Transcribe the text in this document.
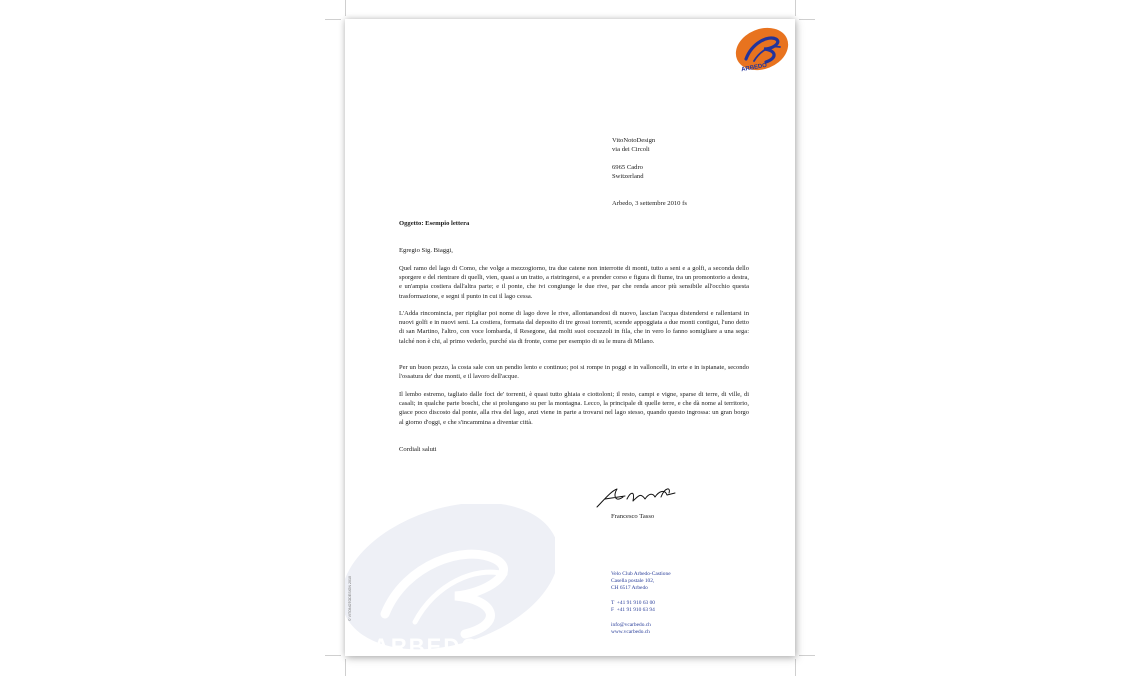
ARBEDO
ARBEDO
VitoNotoDesign
via dei Circoli
6965 Cadro
Switzerland
Arbedo, 3 settembre 2010 fs
Oggetto: Esempio lettera
Egregio Sig. Biaggi,
Quel ramo del lago di Como, che volge a mezzogiorno, tra due catene non interrotte di monti, tutto a seni e a golfi, a seconda dello sporgere e del rientrare di quelli, vien, quasi a un tratto, a ristringersi, e a prender corso e figura di fiume, tra un promontorio a destra, e un'ampia costiera dall'altra parte; e il ponte, che ivi congiunge le due rive, par che renda ancor più sensibile all'occhio questa trasformazione, e segni il punto in cui il lago cessa.
L'Adda rincomincia, per ripigliar poi nome di lago dove le rive, allontanandosi di nuovo, lascian l'acqua distendersi e rallentarsi in nuovi golfi e in nuovi seni. La costiera, formata dal deposito di tre grossi torrenti, scende appoggiata a due monti contigui, l'uno detto di san Martino, l'altro, con voce lombarda, il Resegone, dai molti suoi cocuzzoli in fila, che in vero lo fanno somigliare a una sega: talché non è chi, al primo vederlo, purché sia di fronte, come per esempio di su le mura di Milano.
Per un buon pezzo, la costa sale con un pendio lento e continuo; poi si rompe in poggi e in valloncelli, in erte e in ispianate, secondo l'ossatura de' due monti, e il lavoro dell'acque.
Il lembo estremo, tagliato dalle foci de' torrenti, è quasi tutto ghiaia e ciottoloni; il resto, campi e vigne, sparse di terre, di ville, di casali; in qualche parte boschi, che si prolungano su per la montagna. Lecco, la principale di quelle terre, e che dà nome al territorio, giace poco discosto dal ponte, alla riva del lago, anzi viene in parte a trovarsi nel lago stesso, quando questo ingrossa: un gran borgo al giorno d'oggi, e che s'incammina a diventar città.
Cordiali saluti
Francesco Tasso
Velo Club Arbedo-Castione
Casella postale 102,
CH 6517 Arbedo
T  +41 91 910 63 00
F  +41 91 910 63 94
info@vcarbedo.ch
www.vcarbedo.ch
© VITONOTODESIGN 2010
